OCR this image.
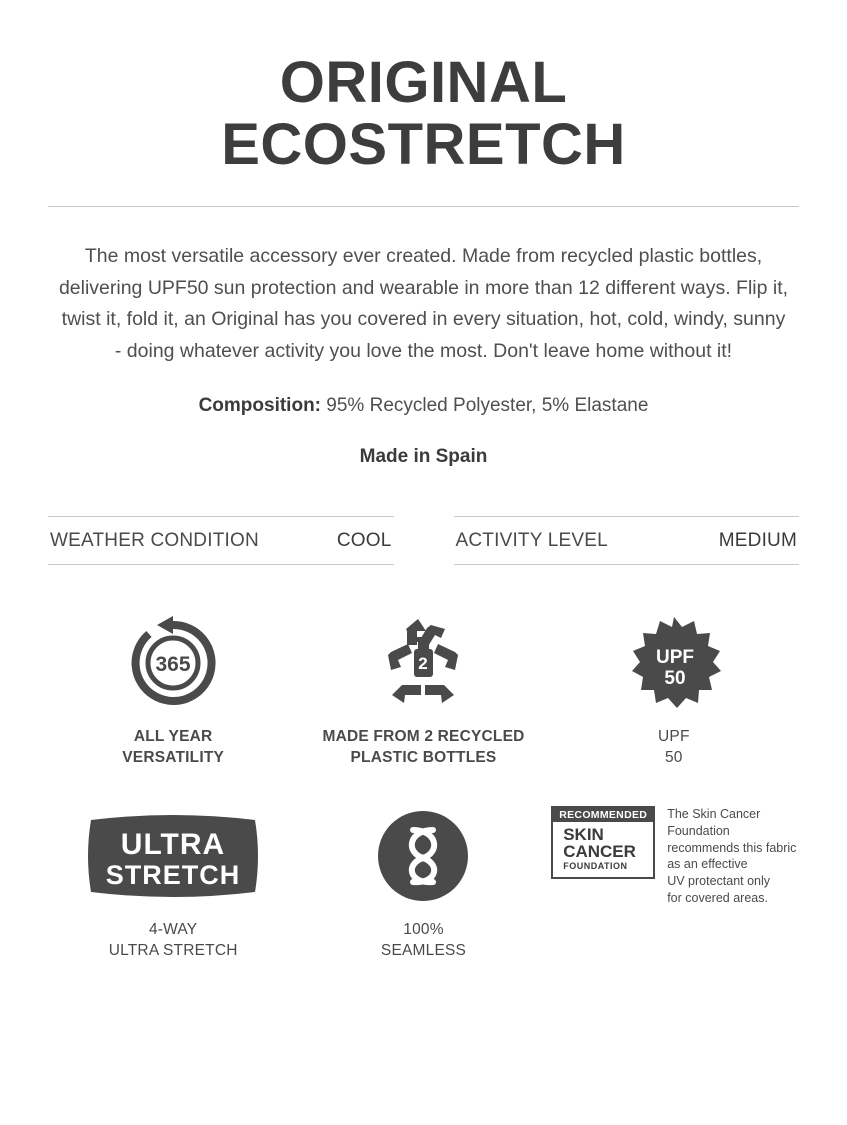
ORIGINAL
ECOSTRETCH

The most versatile accessory ever created. Made from recycled plastic bottles, delivering UPF50 sun protection and wearable in more than 12 different ways. Flip it, twist it, fold it, an Original has you covered in every situation, hot, cold, windy, sunny - doing whatever activity you love the most. Don't leave home without it!

Composition: 95% Recycled Polyester, 5% Elastane

Made in Spain

WEATHER CONDITION	COOL	ACTIVITY LEVEL	MEDIUM
365
ALL YEAR
VERSATILITY
2
MADE FROM 2 RECYCLED
PLASTIC BOTTLES
UPF
50
UPF
50
ULTRA
STRETCH
4-WAY
ULTRA STRETCH
100%
SEAMLESS
RECOMMENDED
SKIN
CANCER
FOUNDATION
The Skin Cancer
Foundation
recommends this fabric
as an effective
UV protectant only
for covered areas.
